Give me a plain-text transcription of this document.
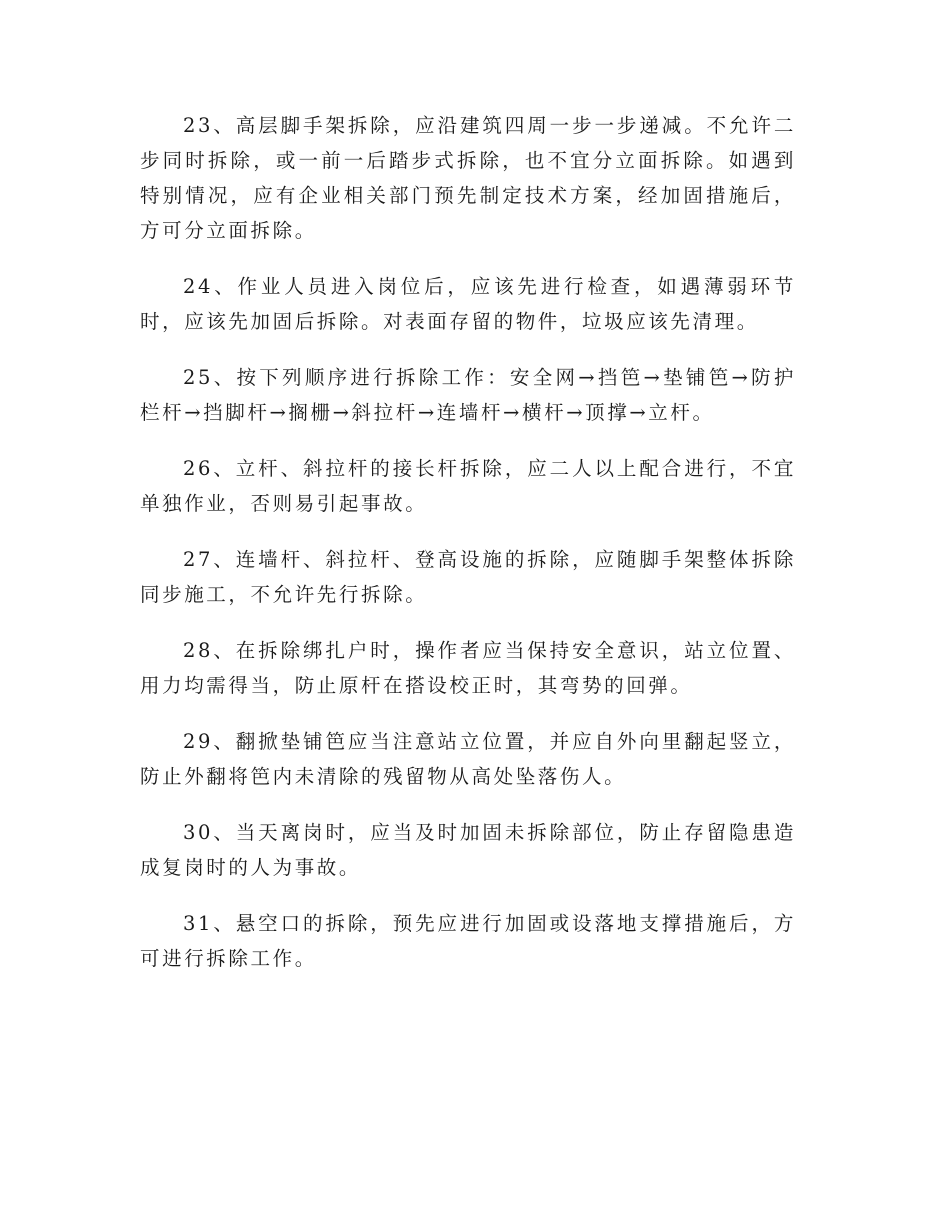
23、高层脚手架拆除，应沿建筑四周一步一步递减。不允许二步同时拆除，或一前一后踏步式拆除，也不宜分立面拆除。如遇到特别情况，应有企业相关部门预先制定技术方案，经加固措施后，方可分立面拆除。

24、作业人员进入岗位后，应该先进行检查，如遇薄弱环节时，应该先加固后拆除。对表面存留的物件，垃圾应该先清理。

25、按下列顺序进行拆除工作：安全网→挡笆→垫铺笆→防护栏杆→挡脚杆→搁栅→斜拉杆→连墙杆→横杆→顶撑→立杆。

26、立杆、斜拉杆的接长杆拆除，应二人以上配合进行，不宜单独作业，否则易引起事故。

27、连墙杆、斜拉杆、登高设施的拆除，应随脚手架整体拆除同步施工，不允许先行拆除。

28、在拆除绑扎户时，操作者应当保持安全意识，站立位置、用力均需得当，防止原杆在搭设校正时，其弯势的回弹。

29、翻掀垫铺笆应当注意站立位置，并应自外向里翻起竖立，防止外翻将笆内未清除的残留物从高处坠落伤人。

30、当天离岗时，应当及时加固未拆除部位，防止存留隐患造成复岗时的人为事故。

31、悬空口的拆除，预先应进行加固或设落地支撑措施后，方可进行拆除工作。
